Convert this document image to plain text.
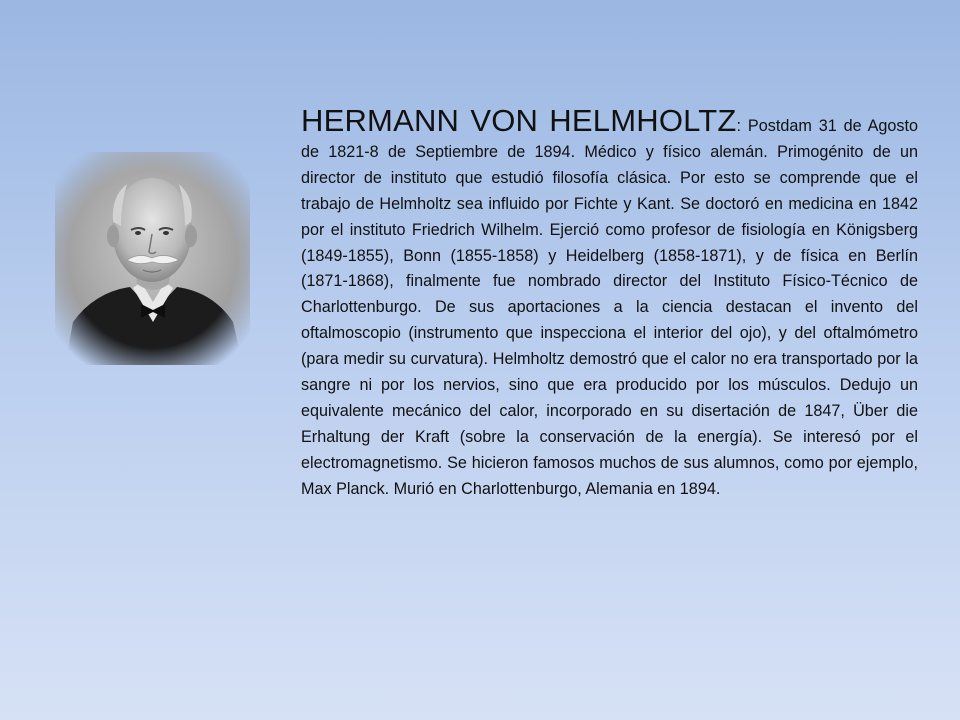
HERMANN VON HELMHOLTZ: Postdam 31 de Agosto de 1821-8 de Septiembre de 1894. Médico y físico alemán. Primogénito de un director de instituto que estudió filosofía clásica. Por esto se comprende que el trabajo de Helmholtz sea influido por Fichte y Kant. Se doctoró en medicina en 1842 por el instituto Friedrich Wilhelm. Ejerció como profesor de fisiología en Königsberg (1849-1855), Bonn (1855-1858) y Heidelberg (1858-1871), y de física en Berlín (1871-1868), finalmente fue nombrado director del Instituto Físico-Técnico de Charlottenburgo. De sus aportaciones a la ciencia destacan el invento del oftalmoscopio (instrumento que inspecciona el interior del ojo), y del oftalmómetro (para medir su curvatura). Helmholtz demostró que el calor no era transportado por la sangre ni por los nervios, sino que era producido por los músculos. Dedujo un equivalente mecánico del calor, incorporado en su disertación de 1847, Über die Erhaltung der Kraft (sobre la conservación de la energía). Se interesó por el electromagnetismo. Se hicieron famosos muchos de sus alumnos, como por ejemplo, Max Planck. Murió en Charlottenburgo, Alemania en 1894.
